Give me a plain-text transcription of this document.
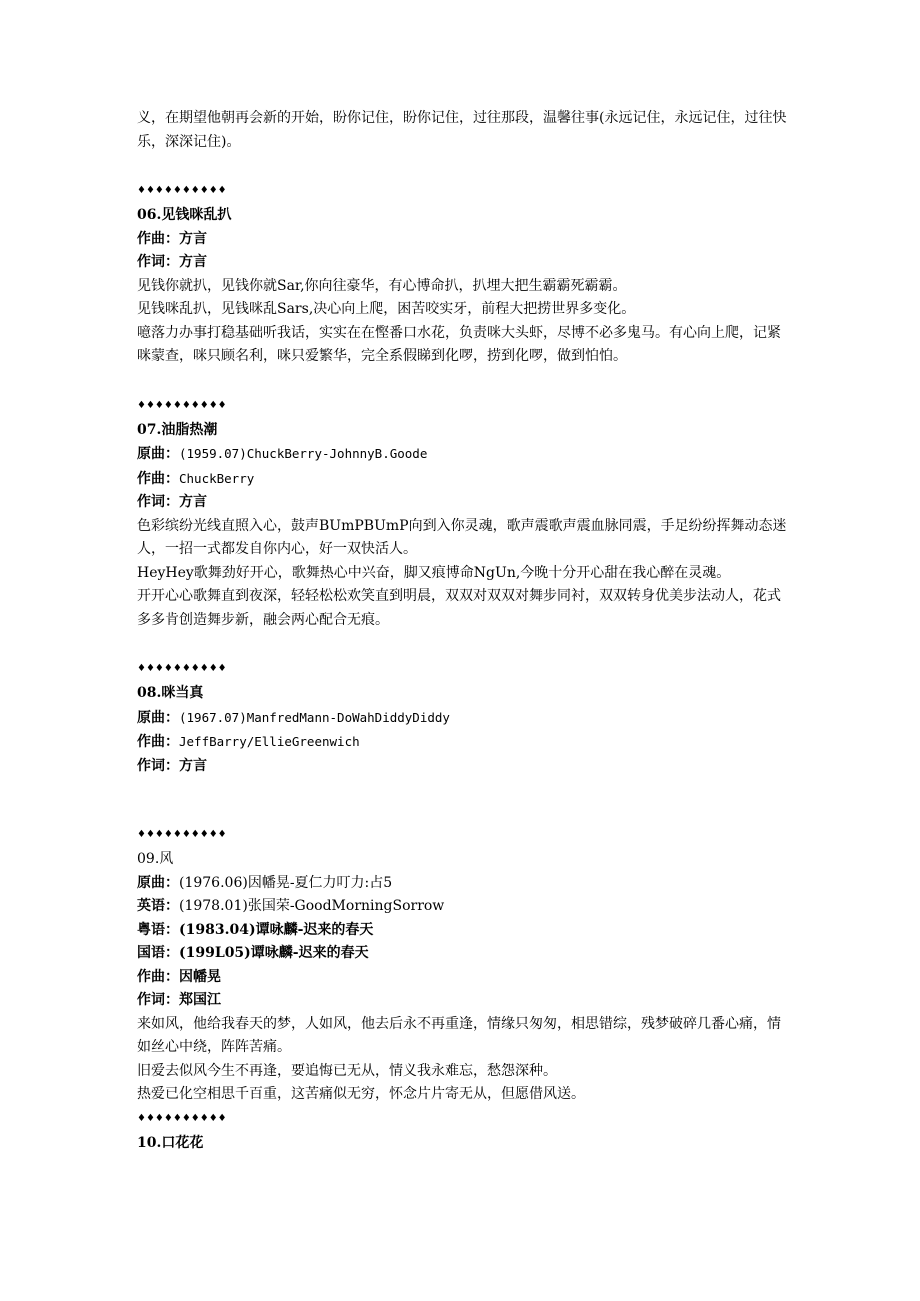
义，在期望他朝再会新的开始，盼你记住，盼你记住，过往那段，温馨往事(永远记住，永远记住，过往快乐，深深记住)。

♦♦♦♦♦♦♦♦♦♦

06.见钱咪乱扒

作曲：方言

作词：方言

见钱你就扒，见钱你就Sar,你向往豪华，有心博命扒，扒埋大把生霸霸死霸霸。

见钱咪乱扒，见钱咪乱Sars,决心向上爬，困苦咬实牙，前程大把捞世界多变化。

噫落力办事打稳基础听我话，实实在在慳番口水花，负责咪大头虾，尽博不必多鬼马。有心向上爬，记紧咪蒙查，咪只顾名利，咪只爱繁华，完全系假睇到化啰，捞到化啰，做到怕怕。

♦♦♦♦♦♦♦♦♦♦

07.油脂热潮

原曲：(1959.07)ChuckBerry-JohnnyB.Goode

作曲：ChuckBerry

作词：方言

色彩缤纷光线直照入心，鼓声BUmPBUmP向到入你灵魂，歌声震歌声震血脉同震，手足纷纷挥舞动态迷人，一招一式都发自你内心，好一双快活人。

HeyHey歌舞劲好开心，歌舞热心中兴奋，脚又痕博命NgUn,今晚十分开心甜在我心醉在灵魂。

开开心心歌舞直到夜深，轻轻松松欢笑直到明晨，双双对双双对舞步同衬，双双转身优美步法动人，花式多多肯创造舞步新，融会两心配合无痕。

♦♦♦♦♦♦♦♦♦♦

08.咪当真

原曲：(1967.07)ManfredMann-DoWahDiddyDiddy

作曲：JeffBarry/EllieGreenwich

作词：方言

♦♦♦♦♦♦♦♦♦♦

09.风

原曲：(1976.06)因幡晃-夏仁力叮力:占5

英语：(1978.01)张国荣-GoodMorningSorrow

粤语：(1983.04)谭咏麟-迟来的春天

国语：(199L05)谭咏麟-迟来的春天

作曲：因幡晃

作词：郑国江

来如风，他给我春天的梦，人如风，他去后永不再重逢，情缘只匆匆，相思错综，残梦破碎几番心痛，情如丝心中绕，阵阵苦痛。

旧爱去似风今生不再逢，要追悔已无从，情义我永难忘，愁怨深种。

热爱已化空相思千百重，这苦痛似无穷，怀念片片寄无从，但愿借风送。

♦♦♦♦♦♦♦♦♦♦

10.口花花
